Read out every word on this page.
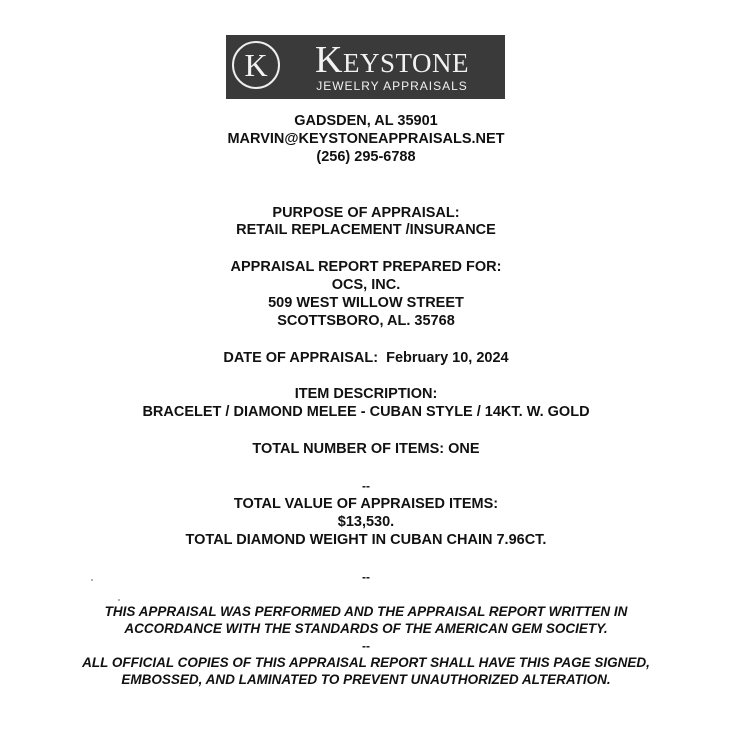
K	KEYSTONE
JEWELRY APPRAISALS
GADSDEN, AL 35901
MARVIN@KEYSTONEAPPRAISALS.NET
(256) 295-6788
PURPOSE OF APPRAISAL:
RETAIL REPLACEMENT /INSURANCE
APPRAISAL REPORT PREPARED FOR:
OCS, INC.
509 WEST WILLOW STREET
SCOTTSBORO, AL. 35768
DATE OF APPRAISAL: February 10, 2024
ITEM DESCRIPTION:
BRACELET / DIAMOND MELEE - CUBAN STYLE / 14KT. W. GOLD
TOTAL NUMBER OF ITEMS: ONE
--
TOTAL VALUE OF APPRAISED ITEMS:
$13,530.
TOTAL DIAMOND WEIGHT IN CUBAN CHAIN 7.96CT.
--
THIS APPRAISAL WAS PERFORMED AND THE APPRAISAL REPORT WRITTEN IN
ACCORDANCE WITH THE STANDARDS OF THE AMERICAN GEM SOCIETY.
--
ALL OFFICIAL COPIES OF THIS APPRAISAL REPORT SHALL HAVE THIS PAGE SIGNED,
EMBOSSED, AND LAMINATED TO PREVENT UNAUTHORIZED ALTERATION.
